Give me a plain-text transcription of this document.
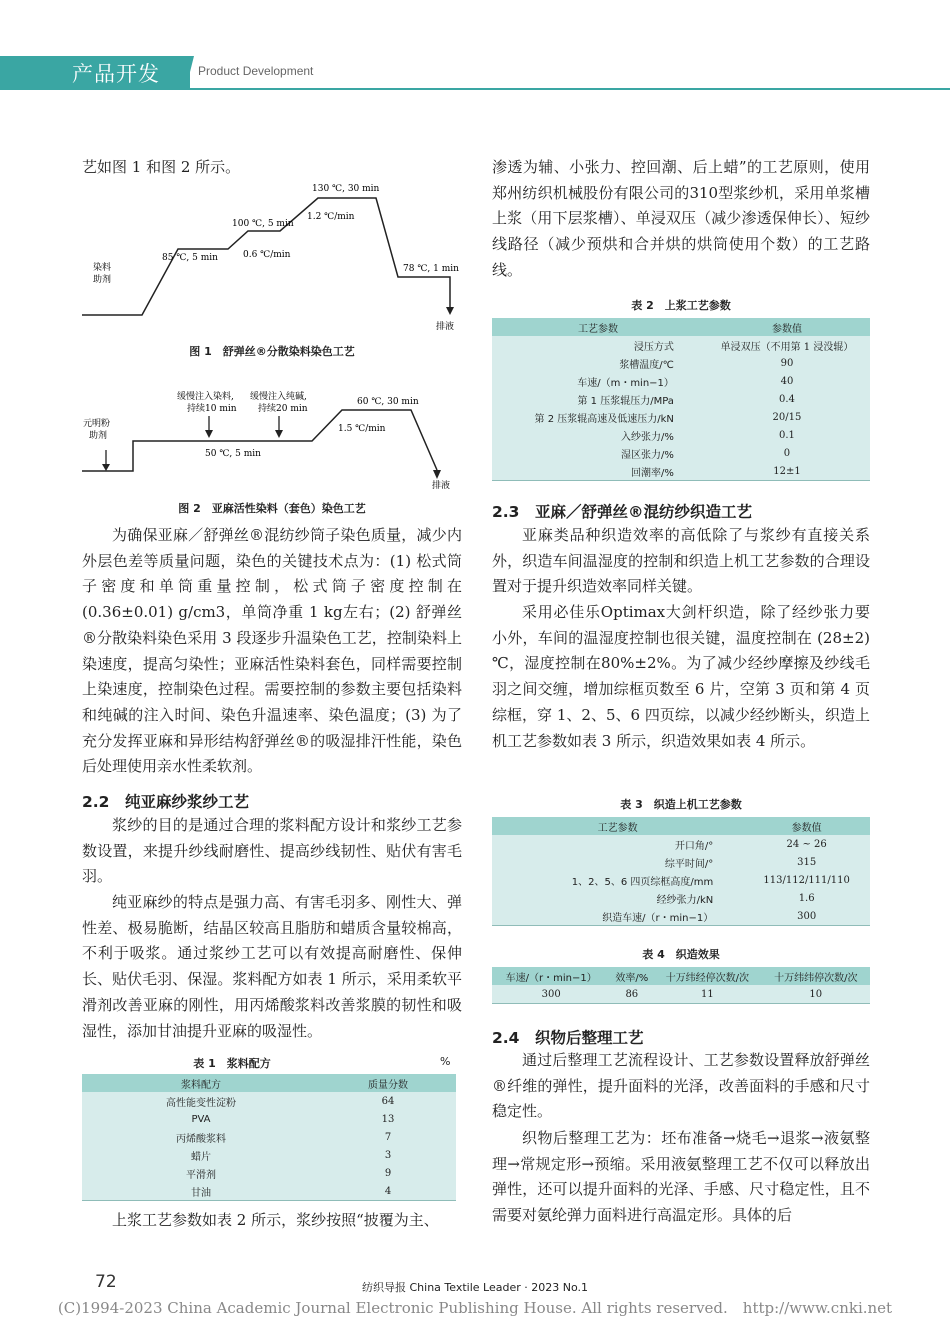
产品开发	Product Development
艺如图 1 和图 2 所示。
130 ℃, 30 min
1.2 ℃/min
100 ℃, 5 min
85 ℃, 5 min	0.6 ℃/min
78 ℃, 1 min
染料
助剂
排液
图 1　舒弹丝®分散染料染色工艺
缓慢注入染料,
持续10 min
缓慢注入纯碱,
持续20 min
60 ℃, 30 min
1.5 ℃/min
50 ℃, 5 min
元明粉
助剂
排液
图 2　亚麻活性染料（套色）染色工艺
为确保亚麻／舒弹丝®混纺纱筒子染色质量，减少内外层色差等质量问题，染色的关键技术点为：(1) 松式筒子密度和单筒重量控制，松式筒子密度控制在 (0.36±0.01) g/cm3，单筒净重 1 kg左右；(2) 舒弹丝®分散染料染色采用 3 段逐步升温染色工艺，控制染料上染速度，提高匀染性；亚麻活性染料套色，同样需要控制上染速度，控制染色过程。需要控制的参数主要包括染料和纯碱的注入时间、染色升温速率、染色温度；(3) 为了充分发挥亚麻和异形结构舒弹丝®的吸湿排汗性能，染色后处理使用亲水性柔软剂。
2.2　纯亚麻纱浆纱工艺
浆纱的目的是通过合理的浆料配方设计和浆纱工艺参数设置，来提升纱线耐磨性、提高纱线韧性、贴伏有害毛羽。
纯亚麻纱的特点是强力高、有害毛羽多、刚性大、弹性差、极易脆断，结晶区较高且脂肪和蜡质含量较棉高，不利于吸浆。通过浆纱工艺可以有效提高耐磨性、保伸长、贴伏毛羽、保湿。浆料配方如表 1 所示，采用柔软平滑剂改善亚麻的刚性，用丙烯酸浆料改善浆膜的韧性和吸湿性，添加甘油提升亚麻的吸湿性。
表 1　浆料配方	%
浆料配方	质量分数
高性能变性淀粉	64
PVA	13
丙烯酸浆料	7
蜡片	3
平滑剂	9
甘油	4
上浆工艺参数如表 2 所示，浆纱按照“披覆为主、
渗透为辅、小张力、控回潮、后上蜡”的工艺原则，使用郑州纺织机械股份有限公司的310型浆纱机，采用单浆槽上浆（用下层浆槽）、单浸双压（减少渗透保伸长）、短纱线路径（减少预烘和合并烘的烘筒使用个数）的工艺路线。
表 2　上浆工艺参数
工艺参数	参数值
浸压方式	单浸双压（不用第 1 浸没辊）
浆槽温度/℃	90
车速/（m・min−1）	40
第 1 压浆辊压力/MPa	0.4
第 2 压浆辊高速及低速压力/kN	20/15
入纱张力/%	0.1
湿区张力/%	0
回潮率/%	12±1
2.3　亚麻／舒弹丝®混纺纱织造工艺
亚麻类品种织造效率的高低除了与浆纱有直接关系外，织造车间温湿度的控制和织造上机工艺参数的合理设置对于提升织造效率同样关键。
采用必佳乐Optimax大剑杆织造，除了经纱张力要小外，车间的温湿度控制也很关键，温度控制在 (28±2) ℃，湿度控制在80%±2%。为了减少经纱摩擦及纱线毛羽之间交缠，增加综框页数至 6 片，空第 3 页和第 4 页综框，穿 1、2、5、6 四页综，以减少经纱断头，织造上机工艺参数如表 3 所示，织造效果如表 4 所示。
表 3　织造上机工艺参数
工艺参数	参数值
开口角/°	24 ~ 26
综平时间/°	315
1、2、5、6 四页综框高度/mm	113/112/111/110
经纱张力/kN	1.6
织造车速/（r・min−1）	300
表 4　织造效果
车速/（r・min−1）	效率/%	十万纬经停次数/次	十万纬纬停次数/次
300	86	11	10
2.4　织物后整理工艺
通过后整理工艺流程设计、工艺参数设置释放舒弹丝®纤维的弹性，提升面料的光泽，改善面料的手感和尺寸稳定性。
织物后整理工艺为：坯布准备→烧毛→退浆→液氨整理→常规定形→预缩。采用液氨整理工艺不仅可以释放出弹性，还可以提升面料的光泽、手感、尺寸稳定性，且不需要对氨纶弹力面料进行高温定形。具体的后
72	纺织导报 China Textile Leader · 2023 No.1
(C)1994-2023 China Academic Journal Electronic Publishing House. All rights reserved.　http://www.cnki.net
